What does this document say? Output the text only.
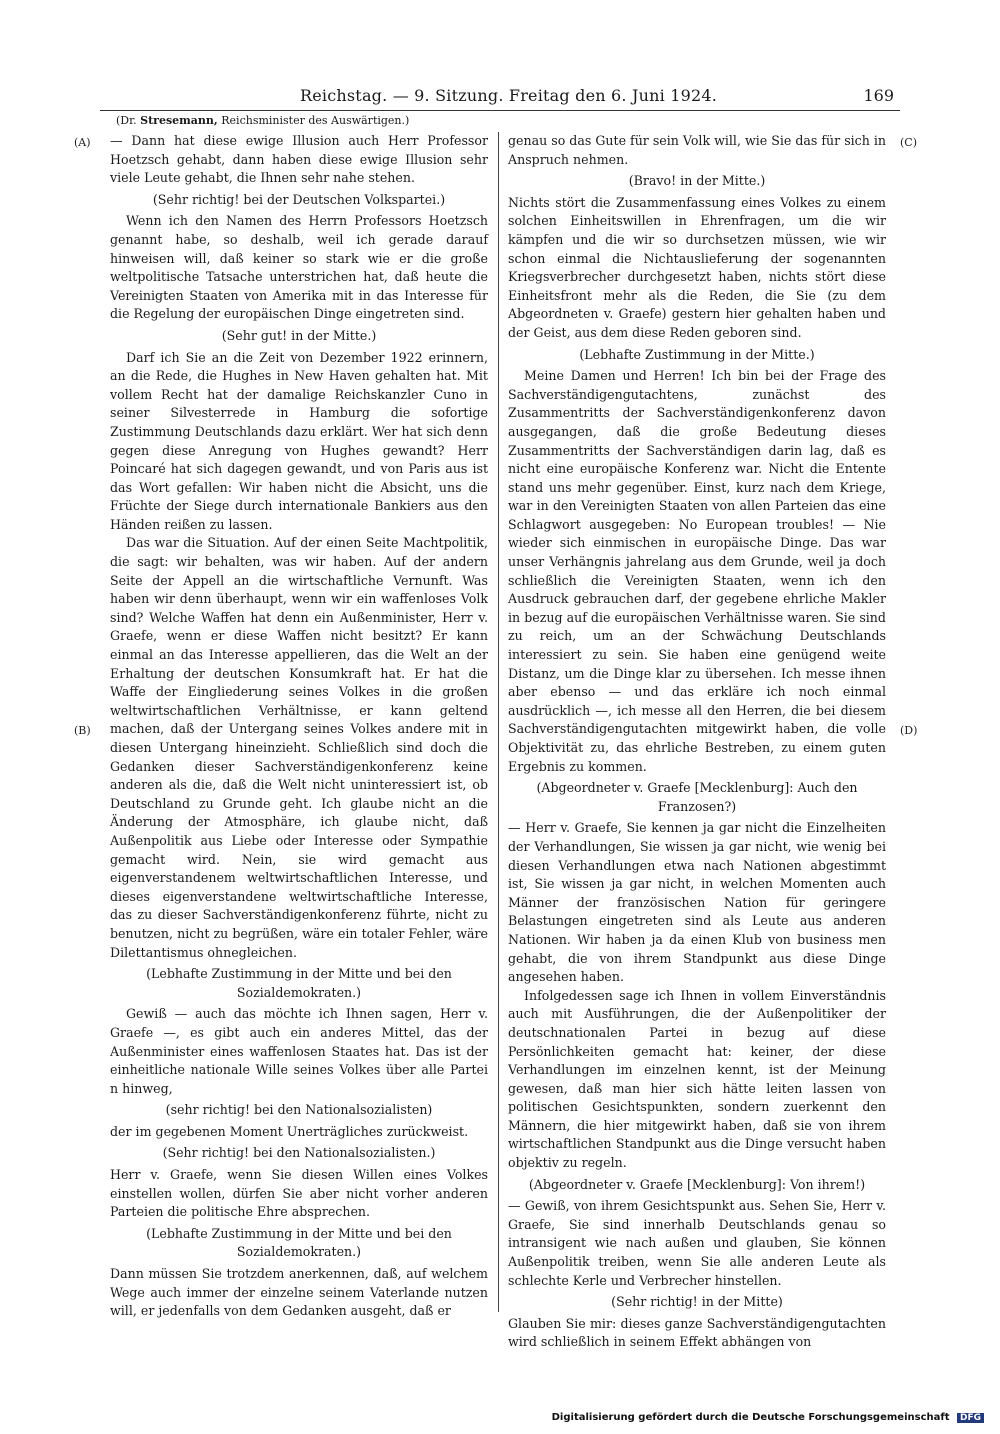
Reichstag. — 9. Sitzung. Freitag den 6. Juni 1924.	169
(Dr. Stresemann, Reichsminister des Auswärtigen.)
(A)
(B)
(C)
(D)

— Dann hat diese ewige Illusion auch Herr Professor Hoetzsch gehabt, dann haben diese ewige Illusion sehr viele Leute gehabt, die Ihnen sehr nahe stehen.

(Sehr richtig! bei der Deutschen Volkspartei.)

Wenn ich den Namen des Herrn Professors Hoetzsch genannt habe, so deshalb, weil ich gerade darauf hinweisen will, daß keiner so stark wie er die große weltpolitische Tatsache unterstrichen hat, daß heute die Vereinigten Staaten von Amerika mit in das Interesse für die Regelung der europäischen Dinge eingetreten sind.

(Sehr gut! in der Mitte.)

Darf ich Sie an die Zeit von Dezember 1922 erinnern, an die Rede, die Hughes in New Haven gehalten hat. Mit vollem Recht hat der damalige Reichskanzler Cuno in seiner Silvesterrede in Hamburg die sofortige Zustimmung Deutschlands dazu erklärt. Wer hat sich denn gegen diese Anregung von Hughes gewandt? Herr Poincaré hat sich dagegen gewandt, und von Paris aus ist das Wort gefallen: Wir haben nicht die Absicht, uns die Früchte der Siege durch internationale Bankiers aus den Händen reißen zu lassen.

Das war die Situation. Auf der einen Seite Machtpolitik, die sagt: wir behalten, was wir haben. Auf der andern Seite der Appell an die wirtschaftliche Vernunft. Was haben wir denn überhaupt, wenn wir ein waffenloses Volk sind? Welche Waffen hat denn ein Außenminister, Herr v. Graefe, wenn er diese Waffen nicht besitzt? Er kann einmal an das Interesse appellieren, das die Welt an der Erhaltung der deutschen Konsumkraft hat. Er hat die Waffe der Eingliederung seines Volkes in die großen weltwirtschaftlichen Verhältnisse, er kann geltend machen, daß der Untergang seines Volkes andere mit in diesen Untergang hineinzieht. Schließlich sind doch die Gedanken dieser Sachverständigenkonferenz keine anderen als die, daß die Welt nicht uninteressiert ist, ob Deutschland zu Grunde geht. Ich glaube nicht an die Änderung der Atmosphäre, ich glaube nicht, daß Außenpolitik aus Liebe oder Interesse oder Sympathie gemacht wird. Nein, sie wird gemacht aus eigenverstandenem weltwirtschaftlichen Interesse, und dieses eigenverstandene weltwirtschaftliche Interesse, das zu dieser Sachverständigenkonferenz führte, nicht zu benutzen, nicht zu begrüßen, wäre ein totaler Fehler, wäre Dilettantismus ohnegleichen.

(Lebhafte Zustimmung in der Mitte und bei den Sozialdemokraten.)

Gewiß — auch das möchte ich Ihnen sagen, Herr v. Graefe —, es gibt auch ein anderes Mittel, das der Außenminister eines waffenlosen Staates hat. Das ist der einheitliche nationale Wille seines Volkes über alle Partei n hinweg,

(sehr richtig! bei den Nationalsozialisten)

der im gegebenen Moment Unerträgliches zurückweist.

(Sehr richtig! bei den Nationalsozialisten.)

Herr v. Graefe, wenn Sie diesen Willen eines Volkes einstellen wollen, dürfen Sie aber nicht vorher anderen Parteien die politische Ehre absprechen.

(Lebhafte Zustimmung in der Mitte und bei den Sozialdemokraten.)

Dann müssen Sie trotzdem anerkennen, daß, auf welchem Wege auch immer der einzelne seinem Vaterlande nutzen will, er jedenfalls von dem Gedanken ausgeht, daß er

genau so das Gute für sein Volk will, wie Sie das für sich in Anspruch nehmen.

(Bravo! in der Mitte.)

Nichts stört die Zusammenfassung eines Volkes zu einem solchen Einheitswillen in Ehrenfragen, um die wir kämpfen und die wir so durchsetzen müssen, wie wir schon einmal die Nichtauslieferung der sogenannten Kriegsverbrecher durchgesetzt haben, nichts stört diese Einheitsfront mehr als die Reden, die Sie (zu dem Abgeordneten v. Graefe) gestern hier gehalten haben und der Geist, aus dem diese Reden geboren sind.

(Lebhafte Zustimmung in der Mitte.)

Meine Damen und Herren! Ich bin bei der Frage des Sachverständigengutachtens, zunächst des Zusammentritts der Sachverständigenkonferenz davon ausgegangen, daß die große Bedeutung dieses Zusammentritts der Sachverständigen darin lag, daß es nicht eine europäische Konferenz war. Nicht die Entente stand uns mehr gegenüber. Einst, kurz nach dem Kriege, war in den Vereinigten Staaten von allen Parteien das eine Schlagwort ausgegeben: No European troubles! — Nie wieder sich einmischen in europäische Dinge. Das war unser Verhängnis jahrelang aus dem Grunde, weil ja doch schließlich die Vereinigten Staaten, wenn ich den Ausdruck gebrauchen darf, der gegebene ehrliche Makler in bezug auf die europäischen Verhältnisse waren. Sie sind zu reich, um an der Schwächung Deutschlands interessiert zu sein. Sie haben eine genügend weite Distanz, um die Dinge klar zu übersehen. Ich messe ihnen aber ebenso — und das erkläre ich noch einmal ausdrücklich —, ich messe all den Herren, die bei diesem Sachverständigengutachten mitgewirkt haben, die volle Objektivität zu, das ehrliche Bestreben, zu einem guten Ergebnis zu kommen.

(Abgeordneter v. Graefe [Mecklenburg]: Auch den Franzosen?)

— Herr v. Graefe, Sie kennen ja gar nicht die Einzelheiten der Verhandlungen, Sie wissen ja gar nicht, wie wenig bei diesen Verhandlungen etwa nach Nationen abgestimmt ist, Sie wissen ja gar nicht, in welchen Momenten auch Männer der französischen Nation für geringere Belastungen eingetreten sind als Leute aus anderen Nationen. Wir haben ja da einen Klub von business men gehabt, die von ihrem Standpunkt aus diese Dinge angesehen haben.

Infolgedessen sage ich Ihnen in vollem Einverständnis auch mit Ausführungen, die der Außenpolitiker der deutschnationalen Partei in bezug auf diese Persönlichkeiten gemacht hat: keiner, der diese Verhandlungen im einzelnen kennt, ist der Meinung gewesen, daß man hier sich hätte leiten lassen von politischen Gesichtspunkten, sondern zuerkennt den Männern, die hier mitgewirkt haben, daß sie von ihrem wirtschaftlichen Standpunkt aus die Dinge versucht haben objektiv zu regeln.

(Abgeordneter v. Graefe [Mecklenburg]: Von ihrem!)

— Gewiß, von ihrem Gesichtspunkt aus. Sehen Sie, Herr v. Graefe, Sie sind innerhalb Deutschlands genau so intransigent wie nach außen und glauben, Sie können Außenpolitik treiben, wenn Sie alle anderen Leute als schlechte Kerle und Verbrecher hinstellen.

(Sehr richtig! in der Mitte)

Glauben Sie mir: dieses ganze Sachverständigengutachten wird schließlich in seinem Effekt abhängen von

Digitalisierung gefördert durch die Deutsche Forschungsgemeinschaft DFG
